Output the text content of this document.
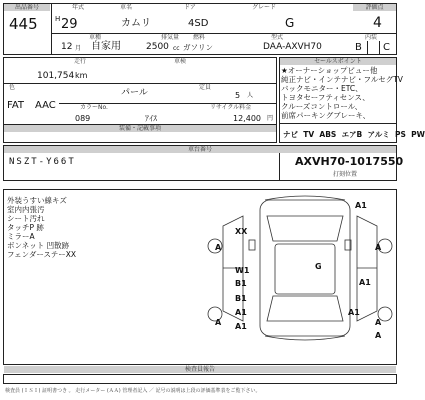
出品番号
445
年式	車名	ドア	グレード	評価点
H 29	カムリ	4SD	G	4
車種	排気量 燃料	型式	内装
12 月 自家用	2500 cc ガソリン	DAA-AXVH70	B C
走行	車検
101,754 km
色
パール
定員
5 人
FAT AAC	カラーNo.	リサイクル料金
089	ｱｲｽ	12,400 円
装備・記載事項
セールスポイント
★オーナーショップビュー他
純正ナビ・インテナビ・フルセグTV
バックモニター・ETC、
トヨタセーフティセンス、
クルーズコントロール、
前席パーキングブレーキ、
ナビ TV ABS エアB アルミ PS PW
車台番号
NSZT-Y66T	AXVH70-1017550
打刻位置
外装うすい線キズ
室内内張汚
シート汚れ
タッチP 跡
ミラーA
ボンネット 凹散跡
フェンダーステーXX
A1
XX
A	A
W1	G
A1
B1
B1
A1
A
A1
A1	A
A
検査員報告
検査員 (ＩＳＩ) 証明書つき 。 走行メーター (ＡＡ) 管理者記入 ／ 記号の説明は上段の評価基準表をご覧下さい。
